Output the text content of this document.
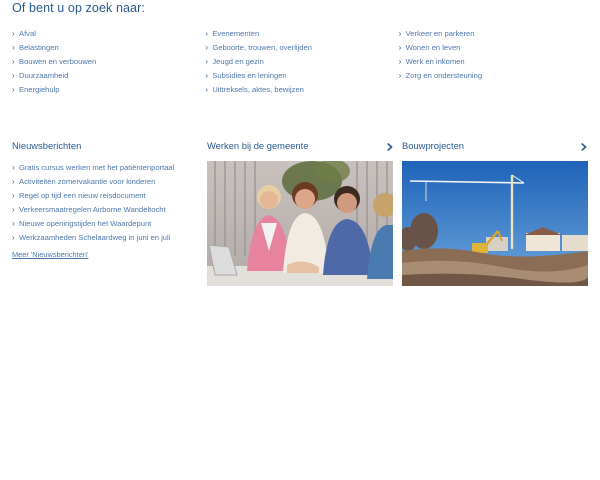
Of bent u op zoek naar:
› Afval
› Belastingen
› Bouwen en verbouwen
› Duurzaamheid
› Energiehulp
› Evenementen
› Geboorte, trouwen, overlijden
› Jeugd en gezin
› Subsidies en leningen
› Uittreksels, aktes, bewijzen
› Verkeer en parkeren
› Wonen en leven
› Werk en inkomen
› Zorg en ondersteuning
Nieuwsberichten
› Gratis cursus werken met het patiëntenportaal
› Activiteiten zomervakantie voor kinderen
› Regel op tijd een nieuw reisdocument
› Verkeersmaatregelen Airborne Wandeltocht
› Nieuwe openingstijden het Waardepunt
› Werkzaamheden Schelaardweg in juni en juli
Meer 'Nieuwsberichten'
Werken bij de gemeente	Bouwprojecten
